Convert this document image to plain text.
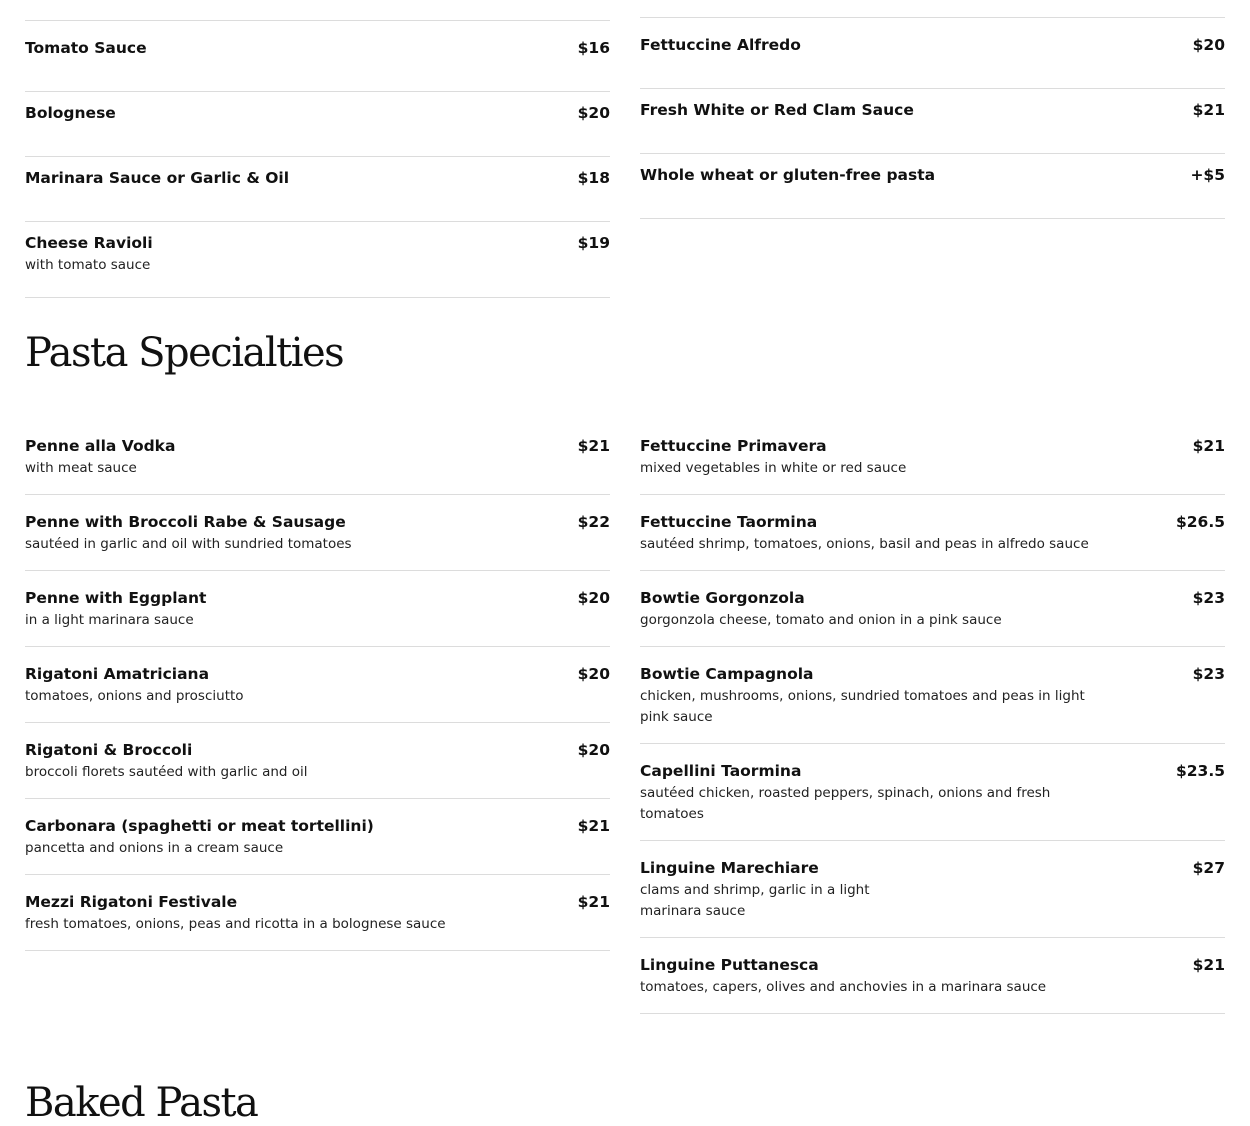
Tomato Sauce	$16
Bolognese	$20
Marinara Sauce or Garlic & Oil	$18
Cheese Ravioli	$19
with tomato sauce
Fettuccine Alfredo	$20
Fresh White or Red Clam Sauce	$21
Whole wheat or gluten-free pasta	+$5
Pasta Specialties
Penne alla Vodka	$21
with meat sauce
Penne with Broccoli Rabe & Sausage	$22
sautéed in garlic and oil with sundried tomatoes
Penne with Eggplant	$20
in a light marinara sauce
Rigatoni Amatriciana	$20
tomatoes, onions and prosciutto
Rigatoni & Broccoli	$20
broccoli florets sautéed with garlic and oil
Carbonara (spaghetti or meat tortellini)	$21
pancetta and onions in a cream sauce
Mezzi Rigatoni Festivale	$21
fresh tomatoes, onions, peas and ricotta in a bolognese sauce
Fettuccine Primavera	$21
mixed vegetables in white or red sauce
Fettuccine Taormina	$26.5
sautéed shrimp, tomatoes, onions, basil and peas in alfredo sauce
Bowtie Gorgonzola	$23
gorgonzola cheese, tomato and onion in a pink sauce
Bowtie Campagnola	$23
chicken, mushrooms, onions, sundried tomatoes and peas in light pink sauce
Capellini Taormina	$23.5
sautéed chicken, roasted peppers, spinach, onions and fresh tomatoes
Linguine Marechiare	$27
clams and shrimp, garlic in a light marinara sauce
Linguine Puttanesca	$21
tomatoes, capers, olives and anchovies in a marinara sauce
Baked Pasta
